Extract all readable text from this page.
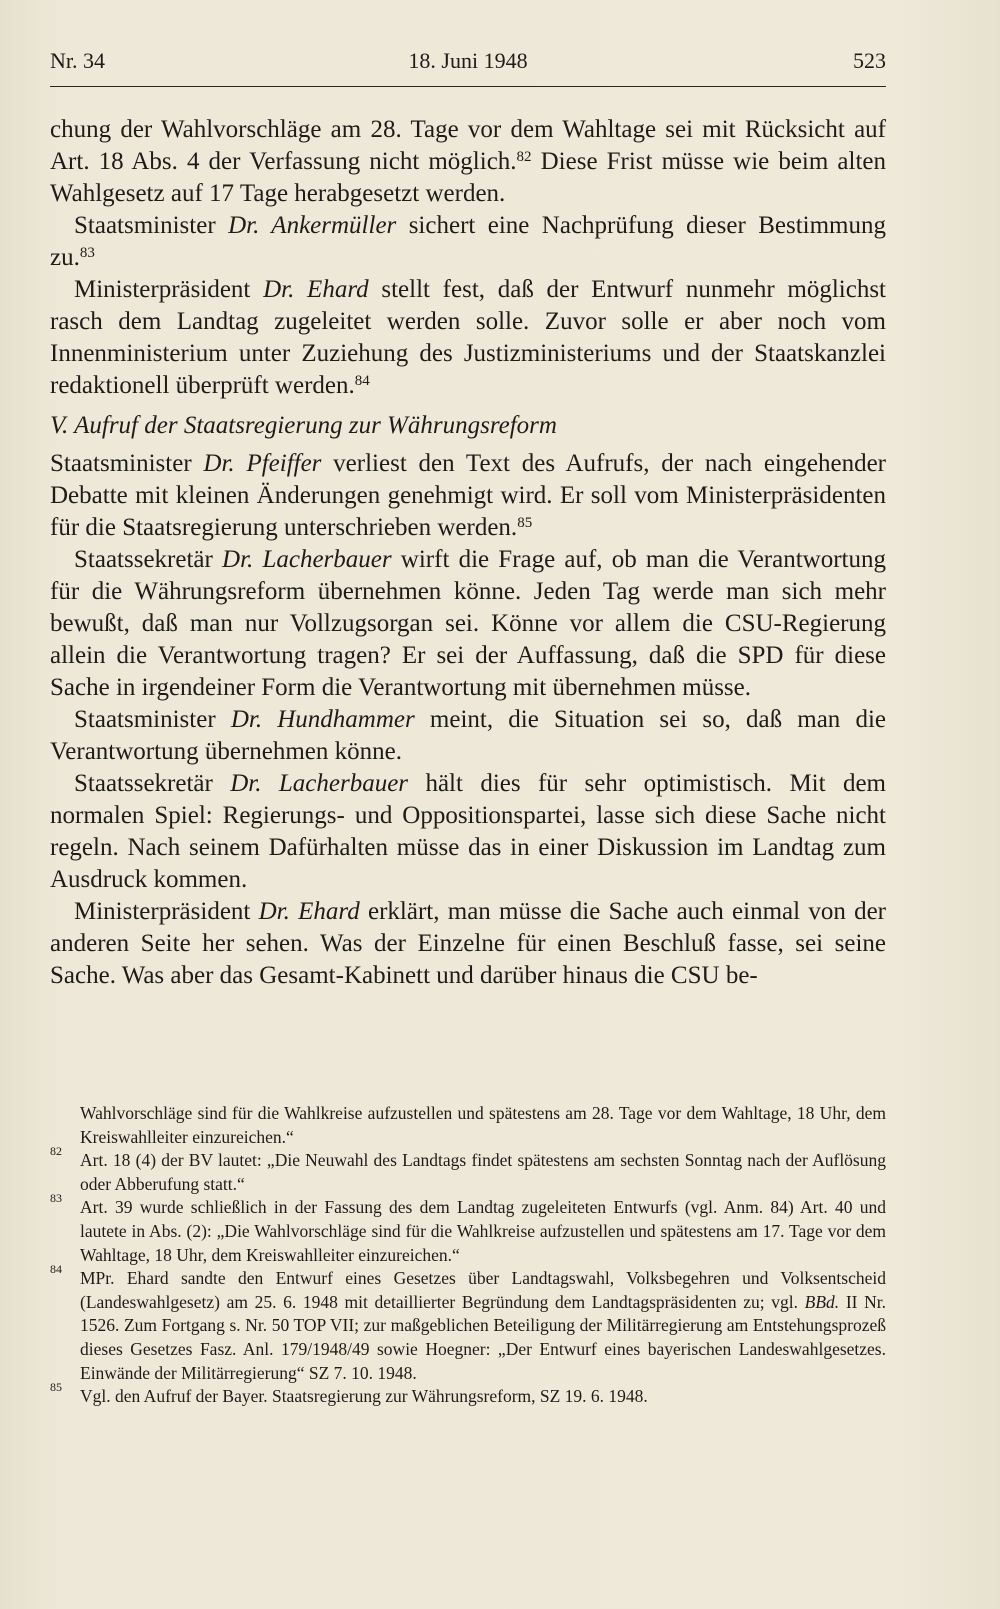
Nr. 34	18. Juni 1948	523

chung der Wahlvorschläge am 28. Tage vor dem Wahltage sei mit Rücksicht auf Art. 18 Abs. 4 der Verfassung nicht möglich.$^{82}$ Diese Frist müsse wie beim alten Wahlgesetz auf 17 Tage herabgesetzt werden.

Staatsminister Dr. Ankermüller sichert eine Nachprüfung dieser Bestimmung zu.$^{83}$

Ministerpräsident Dr. Ehard stellt fest, daß der Entwurf nunmehr möglichst rasch dem Landtag zugeleitet werden solle. Zuvor solle er aber noch vom Innenministerium unter Zuziehung des Justizministeriums und der Staatskanzlei redaktionell überprüft werden.$^{84}$

V. Aufruf der Staatsregierung zur Währungsreform

Staatsminister Dr. Pfeiffer verliest den Text des Aufrufs, der nach eingehender Debatte mit kleinen Änderungen genehmigt wird. Er soll vom Ministerpräsidenten für die Staatsregierung unterschrieben werden.$^{85}$

Staatssekretär Dr. Lacherbauer wirft die Frage auf, ob man die Verantwortung für die Währungsreform übernehmen könne. Jeden Tag werde man sich mehr bewußt, daß man nur Vollzugsorgan sei. Könne vor allem die CSU-Regierung allein die Verantwortung tragen? Er sei der Auffassung, daß die SPD für diese Sache in irgendeiner Form die Verantwortung mit übernehmen müsse.

Staatsminister Dr. Hundhammer meint, die Situation sei so, daß man die Verantwortung übernehmen könne.

Staatssekretär Dr. Lacherbauer hält dies für sehr optimistisch. Mit dem normalen Spiel: Regierungs- und Oppositionspartei, lasse sich diese Sache nicht regeln. Nach seinem Dafürhalten müsse das in einer Diskussion im Landtag zum Ausdruck kommen.

Ministerpräsident Dr. Ehard erklärt, man müsse die Sache auch einmal von der anderen Seite her sehen. Was der Einzelne für einen Beschluß fasse, sei seine Sache. Was aber das Gesamt-Kabinett und darüber hinaus die CSU be-

Wahlvorschläge sind für die Wahlkreise aufzustellen und spätestens am 28. Tage vor dem Wahltage, 18 Uhr, dem Kreiswahlleiter einzureichen.“

82 Art. 18 (4) der BV lautet: „Die Neuwahl des Landtags findet spätestens am sechsten Sonntag nach der Auflösung oder Abberufung statt.“

83 Art. 39 wurde schließlich in der Fassung des dem Landtag zugeleiteten Entwurfs (vgl. Anm. 84) Art. 40 und lautete in Abs. (2): „Die Wahlvorschläge sind für die Wahlkreise aufzustellen und spätestens am 17. Tage vor dem Wahltage, 18 Uhr, dem Kreiswahlleiter einzureichen.“

84 MPr. Ehard sandte den Entwurf eines Gesetzes über Landtagswahl, Volksbegehren und Volksentscheid (Landeswahlgesetz) am 25. 6. 1948 mit detaillierter Begründung dem Landtagspräsidenten zu; vgl. BBd. II Nr. 1526. Zum Fortgang s. Nr. 50 TOP VII; zur maßgeblichen Beteiligung der Militärregierung am Entstehungsprozeß dieses Gesetzes Fasz. Anl. 179/1948/49 sowie Hoegner: „Der Entwurf eines bayerischen Landeswahlgesetzes. Einwände der Militärregierung“ SZ 7. 10. 1948.

85 Vgl. den Aufruf der Bayer. Staatsregierung zur Währungsreform, SZ 19. 6. 1948.
